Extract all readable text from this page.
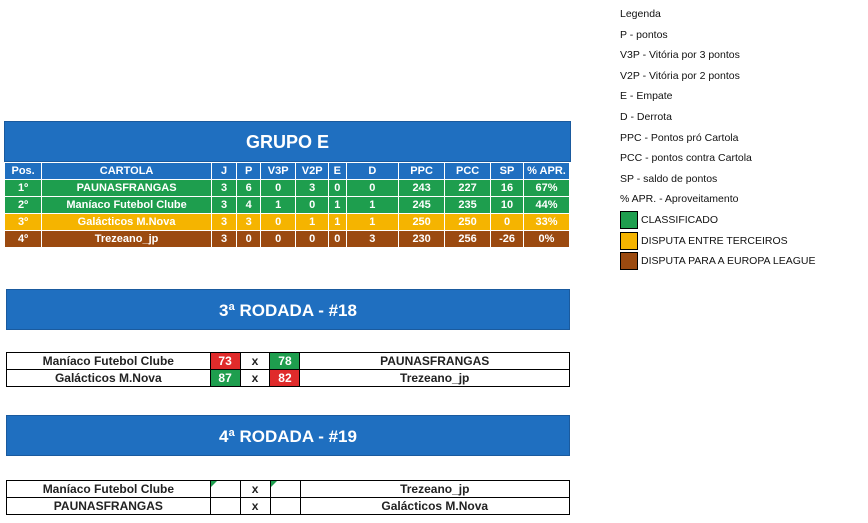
GRUPO E
Pos.	CARTOLA	J	P	V3P	V2P	E	D	PPC	PCC	SP	% APR.
1º	PAUNASFRANGAS	3	6	0	3	0	0	243	227	16	67%
2º	Maníaco Futebol Clube	3	4	1	0	1	1	245	235	10	44%
3º	Galácticos M.Nova	3	3	0	1	1	1	250	250	0	33%
4º	Trezeano_jp	3	0	0	0	0	3	230	256	-26	0%
3ª RODADA - #18
Maníaco Futebol Clube	73	x	78	PAUNASFRANGAS
Galácticos M.Nova	87	x	82	Trezeano_jp
4ª RODADA - #19
Maníaco Futebol Clube		x		Trezeano_jp
PAUNASFRANGAS		x		Galácticos M.Nova
Legenda
P - pontos
V3P - Vitória por 3 pontos
V2P - Vitória por 2 pontos
E - Empate
D - Derrota
PPC - Pontos pró Cartola
PCC - pontos contra Cartola
SP - saldo de pontos
% APR. - Aproveitamento
CLASSIFICADO
DISPUTA ENTRE TERCEIROS
DISPUTA PARA A EUROPA LEAGUE
